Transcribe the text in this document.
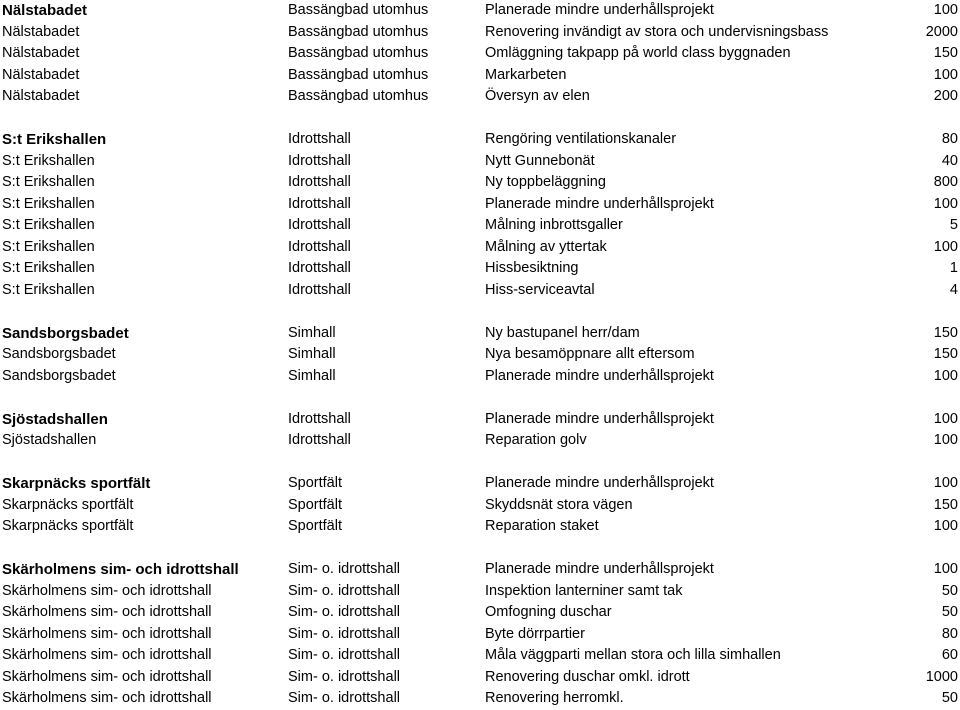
Nälstabadet	Bassängbad utomhus	Planerade mindre underhållsprojekt	100
Nälstabadet	Bassängbad utomhus	Renovering invändigt av stora och undervisningsbass	2000
Nälstabadet	Bassängbad utomhus	Omläggning takpapp på world class byggnaden	150
Nälstabadet	Bassängbad utomhus	Markarbeten	100
Nälstabadet	Bassängbad utomhus	Översyn av elen	200
S:t Erikshallen	Idrottshall	Rengöring ventilationskanaler	80
S:t Erikshallen	Idrottshall	Nytt Gunnebonät	40
S:t Erikshallen	Idrottshall	Ny toppbeläggning	800
S:t Erikshallen	Idrottshall	Planerade mindre underhållsprojekt	100
S:t Erikshallen	Idrottshall	Målning inbrottsgaller	5
S:t Erikshallen	Idrottshall	Målning av yttertak	100
S:t Erikshallen	Idrottshall	Hissbesiktning	1
S:t Erikshallen	Idrottshall	Hiss-serviceavtal	4
Sandsborgsbadet	Simhall	Ny bastupanel herr/dam	150
Sandsborgsbadet	Simhall	Nya besamöppnare allt eftersom	150
Sandsborgsbadet	Simhall	Planerade mindre underhållsprojekt	100
Sjöstadshallen	Idrottshall	Planerade mindre underhållsprojekt	100
Sjöstadshallen	Idrottshall	Reparation golv	100
Skarpnäcks sportfält	Sportfält	Planerade mindre underhållsprojekt	100
Skarpnäcks sportfält	Sportfält	Skyddsnät stora vägen	150
Skarpnäcks sportfält	Sportfält	Reparation staket	100
Skärholmens sim- och idrottshall	Sim- o. idrottshall	Planerade mindre underhållsprojekt	100
Skärholmens sim- och idrottshall	Sim- o. idrottshall	Inspektion lanterniner samt tak	50
Skärholmens sim- och idrottshall	Sim- o. idrottshall	Omfogning duschar	50
Skärholmens sim- och idrottshall	Sim- o. idrottshall	Byte dörrpartier	80
Skärholmens sim- och idrottshall	Sim- o. idrottshall	Måla väggparti mellan stora och lilla simhallen	60
Skärholmens sim- och idrottshall	Sim- o. idrottshall	Renovering duschar omkl. idrott	1000
Skärholmens sim- och idrottshall	Sim- o. idrottshall	Renovering herromkl.	50
